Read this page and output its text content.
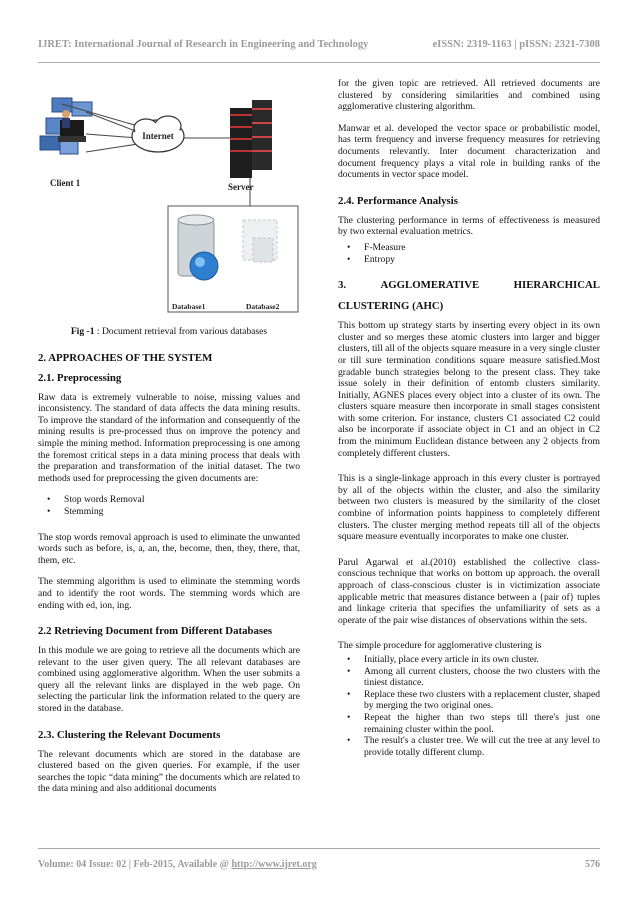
IJRET: International Journal of Research in Engineering and Technology	eISSN: 2319-1163 | pISSN: 2321-7308
Internet
Client 1	Server
Database1	Database2
Fig -1 : Document retrieval from various databases
2. APPROACHES OF THE SYSTEM
2.1. Preprocessing

Raw data is extremely vulnerable to noise, missing values and inconsistency. The standard of data affects the data mining results. To improve the standard of the information and consequently of the mining results is pre-processed thus on improve the potency and simple the mining method. Information preprocessing is one among the foremost critical steps in a data mining process that deals with the preparation and transformation of the initial dataset. The two methods used for preprocessing the given documents are:

• Stop words Removal
• Stemming

The stop words removal approach is used to eliminate the unwanted words such as before, is, a, an, the, become, then, they, there, that, them, etc.

The stemming algorithm is used to eliminate the stemming words and to identify the root words. The stemming words which are ending with ed, ion, ing.

2.2 Retrieving Document from Different Databases

In this module we are going to retrieve all the documents which are relevant to the user given query. The all relevant databases are combined using agglomerative algorithm. When the user submits a query all the relevant links are displayed in the web page. On selecting the particular link the information related to the query are stored in the database.

2.3. Clustering the Relevant Documents

The relevant documents which are stored in the database are clustered based on the given queries. For example, if the user searches the topic “data mining” the documents which are related to the data mining and also additional documents

for the given topic are retrieved. All retrieved documents are clustered by considering similarities and combined using agglomerative clustering algorithm.

Manwar et al. developed the vector space or probabilistic model, has term frequency and inverse frequency measures for retrieving documents relevantly. Inter document characterization and document frequency plays a vital role in building ranks of the documents in vector space model.

2.4. Performance Analysis

The clustering performance in terms of effectiveness is measured by two external evaluation metrics.

• F-Measure
• Entropy
3.	AGGLOMERATIVE	HIERARCHICAL
CLUSTERING (AHC)

This bottom up strategy starts by inserting every object in its own cluster and so merges these atomic clusters into larger and bigger clusters, till all of the objects square measure in a very single cluster or till sure termination conditions square measure satisfied.Most gradable bunch strategies belong to the present class. They take issue solely in their definition of entomb clusters similarity. Initially, AGNES places every object into a cluster of its own. The clusters square measure then incorporate in small stages consistent with some criterion. For instance, clusters C1 associated C2 could also be incorporate if associate object in C1 and an object in C2 from the minimum Euclidean distance between any 2 objects from completely different clusters.

This is a single-linkage approach in this every cluster is portrayed by all of the objects within the cluster, and also the similarity between two clusters is measured by the similarity of the closet combine of information points happiness to completely different clusters. The cluster merging method repeats till all of the objects square measure eventually incorporates to make one cluster.

Parul Agarwal et al.(2010) established the collective class-conscious technique that works on bottom up approach. the overall approach of class-conscious cluster is in victimization associate applicable metric that measures distance between a {pair of} tuples and linkage criteria that specifies the unfamiliarity of sets as a operate of the pair wise distances of observations within the sets.

The simple procedure for agglomerative clustering is

• Initially, place every article in its own cluster.
• Among all current clusters, choose the two clusters with the tiniest distance.
• Replace these two clusters with a replacement cluster, shaped by merging the two original ones.
• Repeat the higher than two steps till there's just one remaining cluster within the pool.
• The result's a cluster tree. We will cut the tree at any level to provide totally different clump.
Volume: 04 Issue: 02 | Feb-2015, Available @ http://www.ijret.org	576
